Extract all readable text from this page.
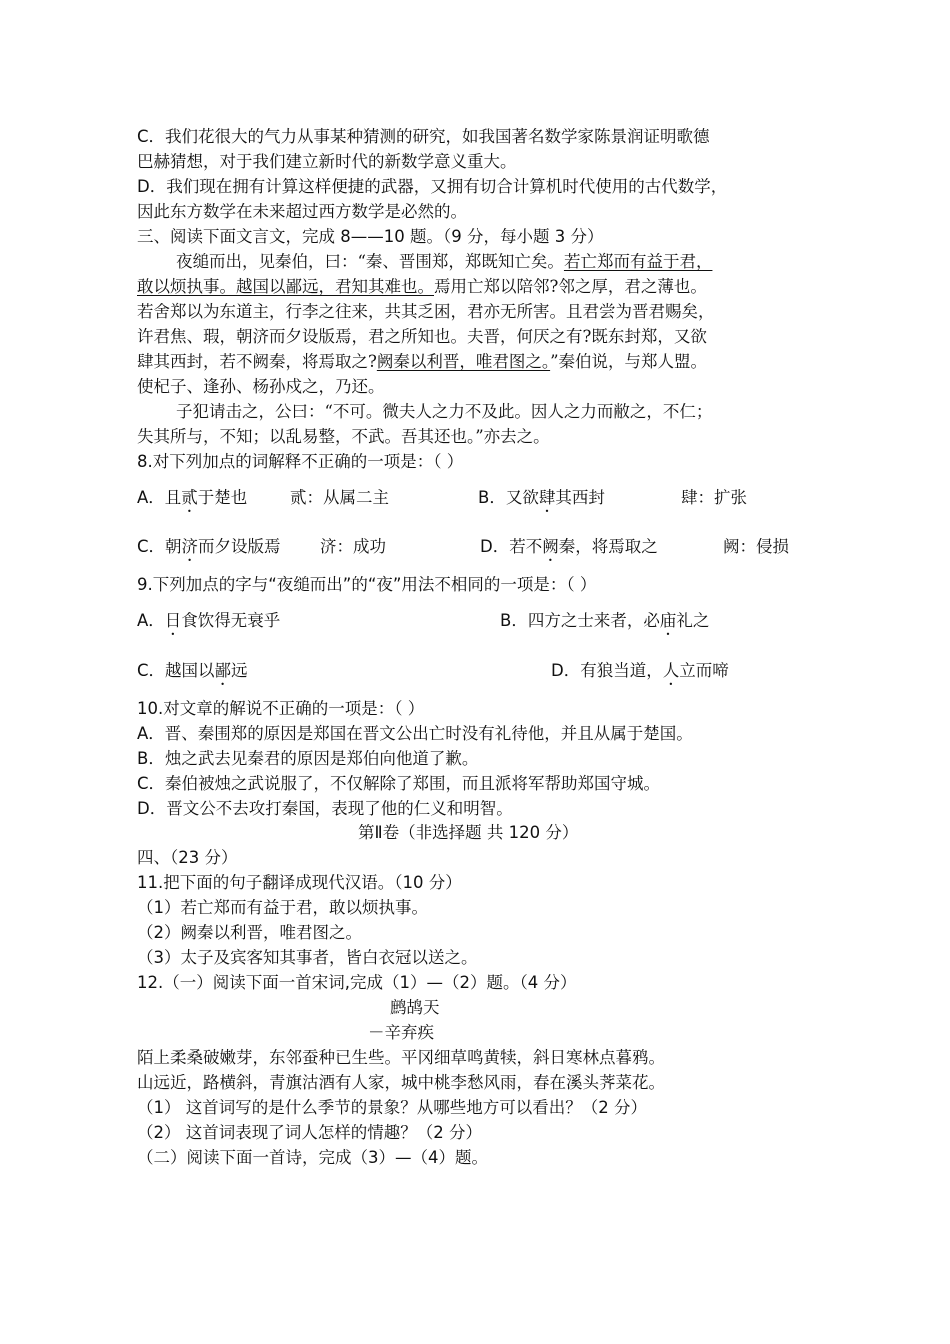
C．我们花很大的气力从事某种猜测的研究，如我国著名数学家陈景润证明歌德
巴赫猜想，对于我们建立新时代的新数学意义重大。
D．我们现在拥有计算这样便捷的武器，又拥有切合计算机时代使用的古代数学，
因此东方数学在未来超过西方数学是必然的。
三、阅读下面文言文，完成 8——10 题。（9 分，每小题 3 分）
夜缒而出，见秦伯，曰：“秦、晋围郑，郑既知亡矣。若亡郑而有益于君，
敢以烦执事。越国以鄙远，君知其难也。焉用亡郑以陪邻?邻之厚，君之薄也。
若舍郑以为东道主，行李之往来，共其乏困，君亦无所害。且君尝为晋君赐矣，
许君焦、瑕，朝济而夕设版焉，君之所知也。夫晋，何厌之有?既东封郑，又欲
肆其西封，若不阙秦，将焉取之?阙秦以利晋，唯君图之。”秦伯说，与郑人盟。
使杞子、逢孙、杨孙戍之，乃还。
子犯请击之，公曰：“不可。微夫人之力不及此。因人之力而敝之，不仁；
失其所与，不知；以乱易整，不武。吾其还也。”亦去之。
8.对下列加点的词解释不正确的一项是：（ ）
A．且贰于楚也	贰：从属二主	B．又欲肆其西封	肆：扩张
C．朝济而夕设版焉 济：成功	D．若不阙秦，将焉取之	阙：侵损
9.下列加点的字与“夜缒而出”的“夜”用法不相同的一项是：（ ）
A．日食饮得无衰乎	B．四方之士来者，必庙礼之
C．越国以鄙远	D．有狼当道，人立而啼
10.对文章的解说不正确的一项是：（ ）
A．晋、秦围郑的原因是郑国在晋文公出亡时没有礼待他，并且从属于楚国。
B．烛之武去见秦君的原因是郑伯向他道了歉。
C．秦伯被烛之武说服了，不仅解除了郑围，而且派将军帮助郑国守城。
D．晋文公不去攻打秦国，表现了他的仁义和明智。
第Ⅱ卷（非选择题 共 120 分）
四、（23 分）
11.把下面的句子翻译成现代汉语。（10 分）
（1）若亡郑而有益于君，敢以烦执事。
（2）阙秦以利晋，唯君图之。
（3）太子及宾客知其事者，皆白衣冠以送之。
12.（一）阅读下面一首宋词,完成（1）—（2）题。（4 分）
鹧鸪天
－辛弃疾
陌上柔桑破嫩芽，东邻蚕种已生些。平冈细草鸣黄犊，斜日寒林点暮鸦。
山远近，路横斜，青旗沽酒有人家，城中桃李愁风雨，春在溪头荠菜花。
（1） 这首词写的是什么季节的景象？从哪些地方可以看出？（2 分）
（2） 这首词表现了词人怎样的情趣？（2 分）
（二）阅读下面一首诗，完成（3）—（4）题。
